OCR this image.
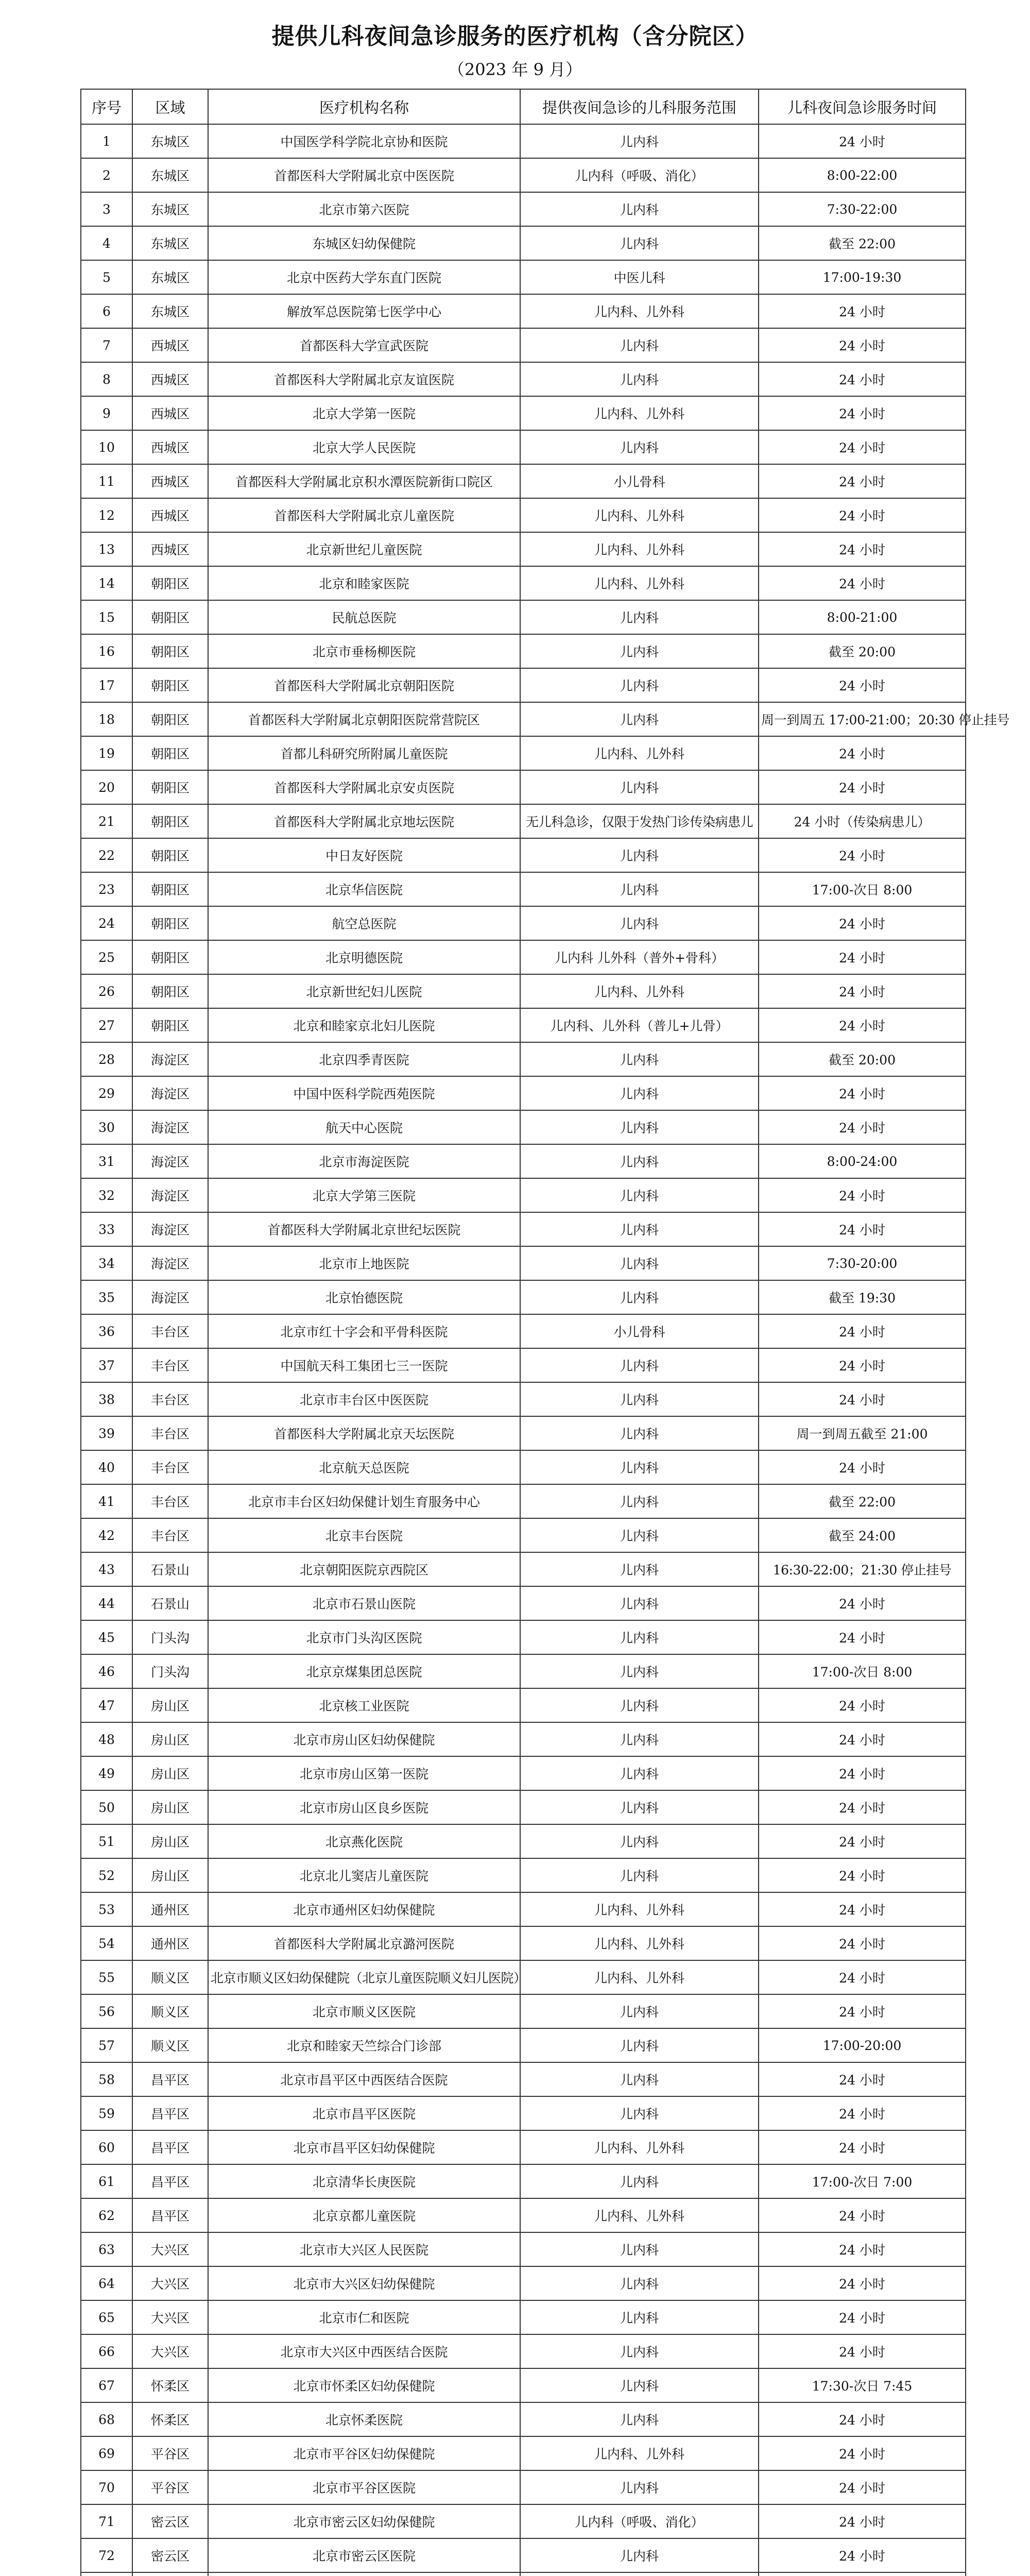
提供儿科夜间急诊服务的医疗机构（含分院区）
（2023 年 9 月）
序号	区域	医疗机构名称	提供夜间急诊的儿科服务范围	儿科夜间急诊服务时间
1	东城区	中国医学科学院北京协和医院	儿内科	24 小时
2	东城区	首都医科大学附属北京中医医院	儿内科（呼吸、消化）	8:00-22:00
3	东城区	北京市第六医院	儿内科	7:30-22:00
4	东城区	东城区妇幼保健院	儿内科	截至 22:00
5	东城区	北京中医药大学东直门医院	中医儿科	17:00-19:30
6	东城区	解放军总医院第七医学中心	儿内科、儿外科	24 小时
7	西城区	首都医科大学宣武医院	儿内科	24 小时
8	西城区	首都医科大学附属北京友谊医院	儿内科	24 小时
9	西城区	北京大学第一医院	儿内科、儿外科	24 小时
10	西城区	北京大学人民医院	儿内科	24 小时
11	西城区	首都医科大学附属北京积水潭医院新街口院区	小儿骨科	24 小时
12	西城区	首都医科大学附属北京儿童医院	儿内科、儿外科	24 小时
13	西城区	北京新世纪儿童医院	儿内科、儿外科	24 小时
14	朝阳区	北京和睦家医院	儿内科、儿外科	24 小时
15	朝阳区	民航总医院	儿内科	8:00-21:00
16	朝阳区	北京市垂杨柳医院	儿内科	截至 20:00
17	朝阳区	首都医科大学附属北京朝阳医院	儿内科	24 小时
18	朝阳区	首都医科大学附属北京朝阳医院常营院区	儿内科	周一到周五 17:00-21:00；20:30 停止挂号
19	朝阳区	首都儿科研究所附属儿童医院	儿内科、儿外科	24 小时
20	朝阳区	首都医科大学附属北京安贞医院	儿内科	24 小时
21	朝阳区	首都医科大学附属北京地坛医院	无儿科急诊，仅限于发热门诊传染病患儿	24 小时（传染病患儿）
22	朝阳区	中日友好医院	儿内科	24 小时
23	朝阳区	北京华信医院	儿内科	17:00-次日 8:00
24	朝阳区	航空总医院	儿内科	24 小时
25	朝阳区	北京明德医院	儿内科 儿外科（普外+骨科）	24 小时
26	朝阳区	北京新世纪妇儿医院	儿内科、儿外科	24 小时
27	朝阳区	北京和睦家京北妇儿医院	儿内科、儿外科（普儿+儿骨）	24 小时
28	海淀区	北京四季青医院	儿内科	截至 20:00
29	海淀区	中国中医科学院西苑医院	儿内科	24 小时
30	海淀区	航天中心医院	儿内科	24 小时
31	海淀区	北京市海淀医院	儿内科	8:00-24:00
32	海淀区	北京大学第三医院	儿内科	24 小时
33	海淀区	首都医科大学附属北京世纪坛医院	儿内科	24 小时
34	海淀区	北京市上地医院	儿内科	7:30-20:00
35	海淀区	北京怡德医院	儿内科	截至 19:30
36	丰台区	北京市红十字会和平骨科医院	小儿骨科	24 小时
37	丰台区	中国航天科工集团七三一医院	儿内科	24 小时
38	丰台区	北京市丰台区中医医院	儿内科	24 小时
39	丰台区	首都医科大学附属北京天坛医院	儿内科	周一到周五截至 21:00
40	丰台区	北京航天总医院	儿内科	24 小时
41	丰台区	北京市丰台区妇幼保健计划生育服务中心	儿内科	截至 22:00
42	丰台区	北京丰台医院	儿内科	截至 24:00
43	石景山	北京朝阳医院京西院区	儿内科	16:30-22:00；21:30 停止挂号
44	石景山	北京市石景山医院	儿内科	24 小时
45	门头沟	北京市门头沟区医院	儿内科	24 小时
46	门头沟	北京京煤集团总医院	儿内科	17:00-次日 8:00
47	房山区	北京核工业医院	儿内科	24 小时
48	房山区	北京市房山区妇幼保健院	儿内科	24 小时
49	房山区	北京市房山区第一医院	儿内科	24 小时
50	房山区	北京市房山区良乡医院	儿内科	24 小时
51	房山区	北京燕化医院	儿内科	24 小时
52	房山区	北京北儿窦店儿童医院	儿内科	24 小时
53	通州区	北京市通州区妇幼保健院	儿内科、儿外科	24 小时
54	通州区	首都医科大学附属北京潞河医院	儿内科、儿外科	24 小时
55	顺义区	北京市顺义区妇幼保健院（北京儿童医院顺义妇儿医院）	儿内科、儿外科	24 小时
56	顺义区	北京市顺义区医院	儿内科	24 小时
57	顺义区	北京和睦家天竺综合门诊部	儿内科	17:00-20:00
58	昌平区	北京市昌平区中西医结合医院	儿内科	24 小时
59	昌平区	北京市昌平区医院	儿内科	24 小时
60	昌平区	北京市昌平区妇幼保健院	儿内科、儿外科	24 小时
61	昌平区	北京清华长庚医院	儿内科	17:00-次日 7:00
62	昌平区	北京京都儿童医院	儿内科、儿外科	24 小时
63	大兴区	北京市大兴区人民医院	儿内科	24 小时
64	大兴区	北京市大兴区妇幼保健院	儿内科	24 小时
65	大兴区	北京市仁和医院	儿内科	24 小时
66	大兴区	北京市大兴区中西医结合医院	儿内科	24 小时
67	怀柔区	北京市怀柔区妇幼保健院	儿内科	17:30-次日 7:45
68	怀柔区	北京怀柔医院	儿内科	24 小时
69	平谷区	北京市平谷区妇幼保健院	儿内科、儿外科	24 小时
70	平谷区	北京市平谷区医院	儿内科	24 小时
71	密云区	北京市密云区妇幼保健院	儿内科（呼吸、消化）	24 小时
72	密云区	北京市密云区医院	儿内科	24 小时
